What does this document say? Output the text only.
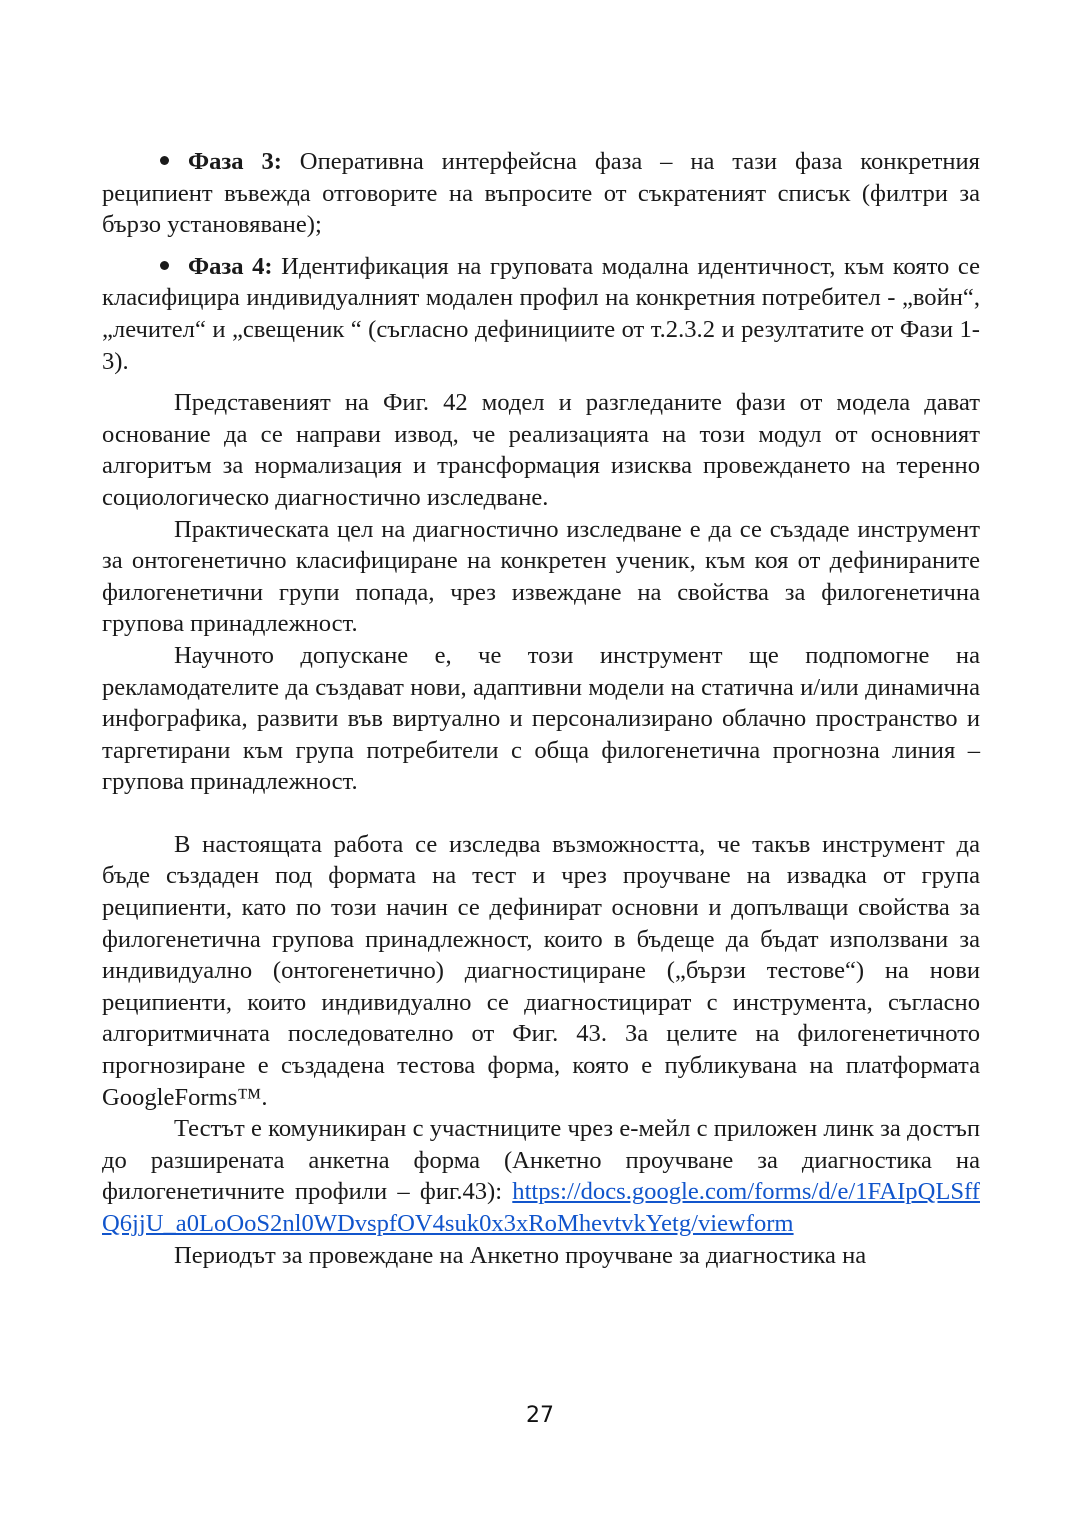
Фаза 3: Оперативна интерфейсна фаза – на тази фаза конкретния реципиент въвежда отговорите на въпросите от съкратеният списък (филтри за бързо установяване);

Фаза 4: Идентификация на груповата модална идентичност, към която се класифицира индивидуалният модален профил на конкретния потребител - „войн“, „лечител“ и „свещеник “ (съгласно дефинициите от т.2.3.2 и резултатите от Фази 1-3).

Представеният на Фиг. 42 модел и разгледаните фази от модела дават основание да се направи извод, че реализацията на този модул от основният алгоритъм за нормализация и трансформация изисква провеждането на теренно социологическо диагностично изследване.

Практическата цел на диагностично изследване е да се създаде инструмент за онтогенетично класифициране на конкретен ученик, към коя от дефинираните филогенетични групи попада, чрез извеждане на свойства за филогенетична групова принадлежност.

Научното допускане е, че този инструмент ще подпомогне на рекламодателите да създават нови, адаптивни модели на статична и/или динамична инфографика, развити във виртуално и персонализирано облачно пространство и таргетирани към група потребители с обща филогенетична прогнозна линия – групова принадлежност.

В настоящата работа се изследва възможността, че такъв инструмент да бъде създаден под формата на тест и чрез проучване на извадка от група реципиенти, като по този начин се дефинират основни и допълващи свойства за филогенетична групова принадлежност, които в бъдеще да бъдат използвани за индивидуално (онтогенетично) диагностициране („бързи тестове“) на нови реципиенти, които индивидуално се диагностицират с инструмента, съгласно алгоритмичната последователно от Фиг. 43. За целите на филогенетичното прогнозиране е създадена тестова форма, която е публикувана на платформата GoogleForms™.

Тестът е комуникиран с участниците чрез е-мейл с приложен линк за достъп до разширената анкетна форма (Анкетно проучване за диагностика на филогенетичните профили – фиг.43): https://docs.google.com/forms/d/e/1FAIpQLSffQ6jjU_a0LoOoS2nl0WDvspfOV4suk0x3xRoMhevtvkYetg/viewform

Периодът за провеждане на Анкетно проучване за диагностика на

27
